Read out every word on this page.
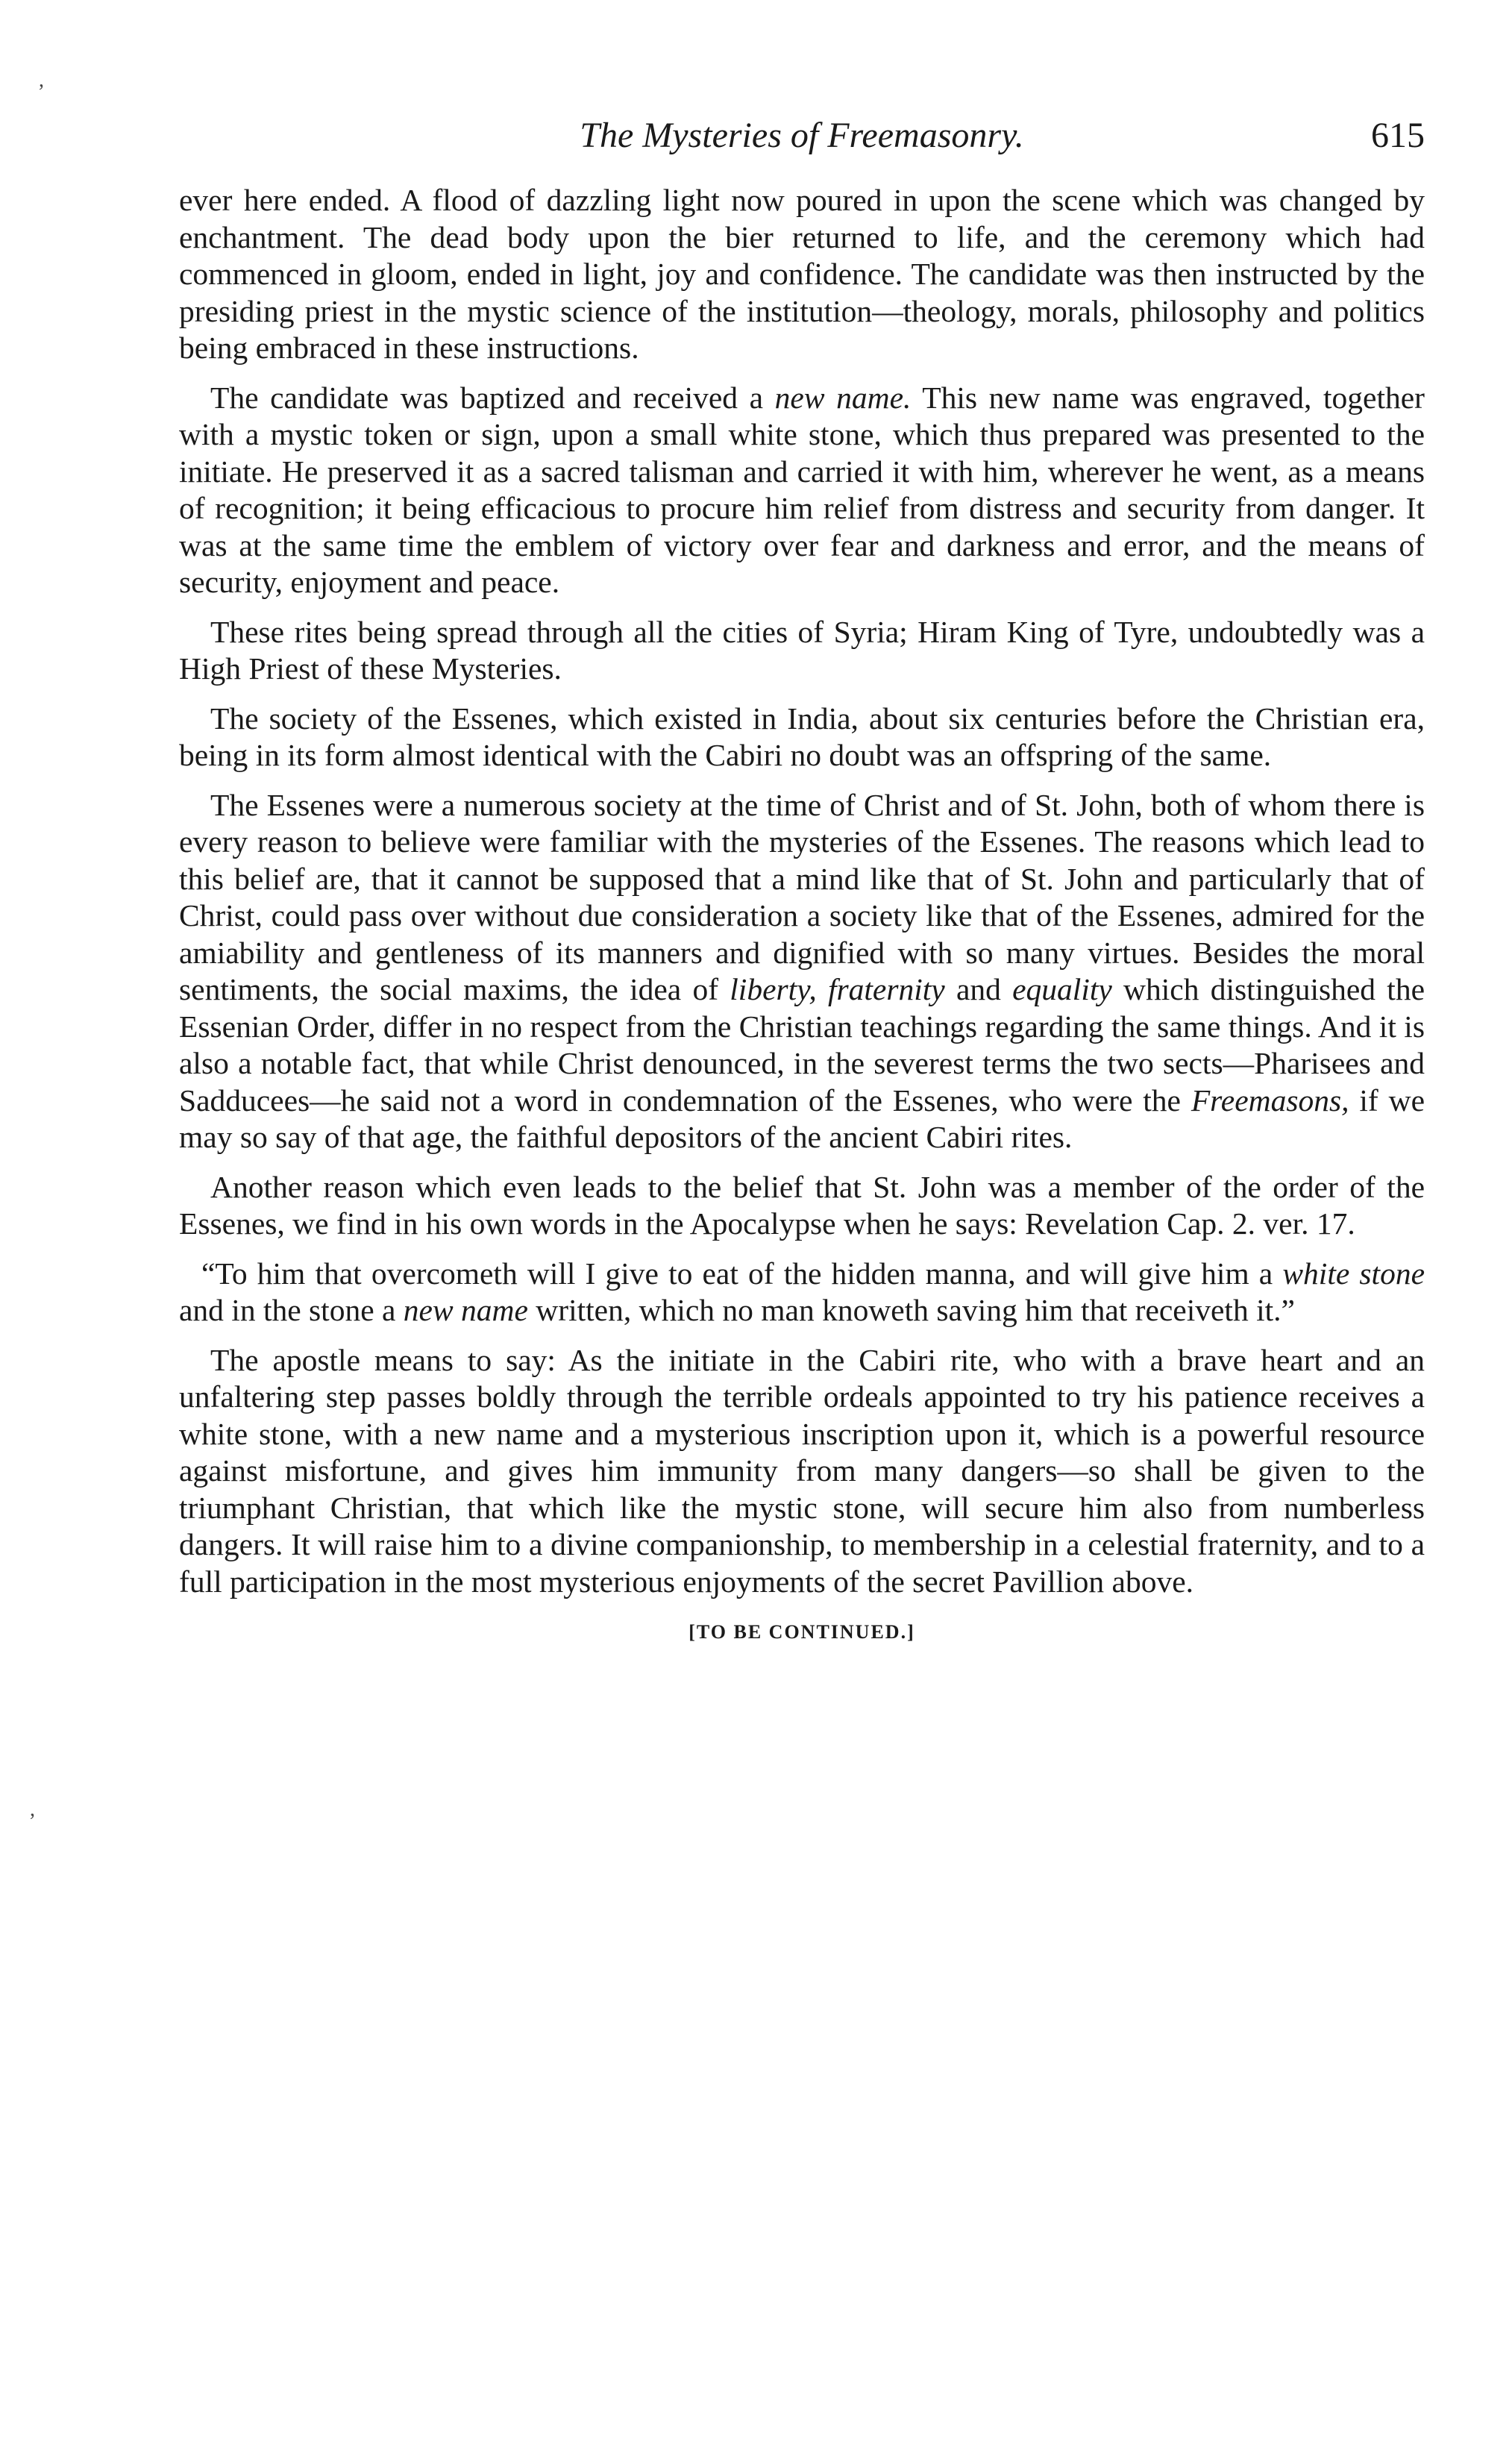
,
,
The Mysteries of Freemasonry.	615

ever here ended. A flood of dazzling light now poured in upon the scene which was changed by enchantment. The dead body upon the bier returned to life, and the ceremony which had commenced in gloom, ended in light, joy and confidence. The candidate was then instructed by the presiding priest in the mystic science of the institution—theology, morals, philosophy and politics being embraced in these instructions.

The candidate was baptized and received a new name. This new name was engraved, together with a mystic token or sign, upon a small white stone, which thus prepared was presented to the initiate. He preserved it as a sacred talisman and carried it with him, wherever he went, as a means of recognition; it being efficacious to procure him relief from distress and security from danger. It was at the same time the emblem of victory over fear and darkness and error, and the means of security, enjoyment and peace.

These rites being spread through all the cities of Syria; Hiram King of Tyre, undoubtedly was a High Priest of these Mysteries.

The society of the Essenes, which existed in India, about six centuries before the Christian era, being in its form almost identical with the Cabiri no doubt was an offspring of the same.

The Essenes were a numerous society at the time of Christ and of St. John, both of whom there is every reason to believe were familiar with the mysteries of the Essenes. The reasons which lead to this belief are, that it cannot be supposed that a mind like that of St. John and particularly that of Christ, could pass over without due consideration a society like that of the Essenes, admired for the amiability and gentleness of its manners and dignified with so many virtues. Besides the moral sentiments, the social maxims, the idea of liberty, fraternity and equality which distinguished the Essenian Order, differ in no respect from the Christian teachings regarding the same things. And it is also a notable fact, that while Christ denounced, in the severest terms the two sects—Pharisees and Sadducees—he said not a word in condemnation of the Essenes, who were the Freemasons, if we may so say of that age, the faithful depositors of the ancient Cabiri rites.

Another reason which even leads to the belief that St. John was a member of the order of the Essenes, we find in his own words in the Apocalypse when he says: Revelation Cap. 2. ver. 17.

“To him that overcometh will I give to eat of the hidden manna, and will give him a white stone and in the stone a new name written, which no man knoweth saving him that receiveth it.”

The apostle means to say: As the initiate in the Cabiri rite, who with a brave heart and an unfaltering step passes boldly through the terrible ordeals appointed to try his patience receives a white stone, with a new name and a mysterious inscription upon it, which is a powerful resource against misfortune, and gives him immunity from many dangers—so shall be given to the triumphant Christian, that which like the mystic stone, will secure him also from numberless dangers. It will raise him to a divine companionship, to membership in a celestial fraternity, and to a full participation in the most mysterious enjoyments of the secret Pavillion above.

[TO BE CONTINUED.]
